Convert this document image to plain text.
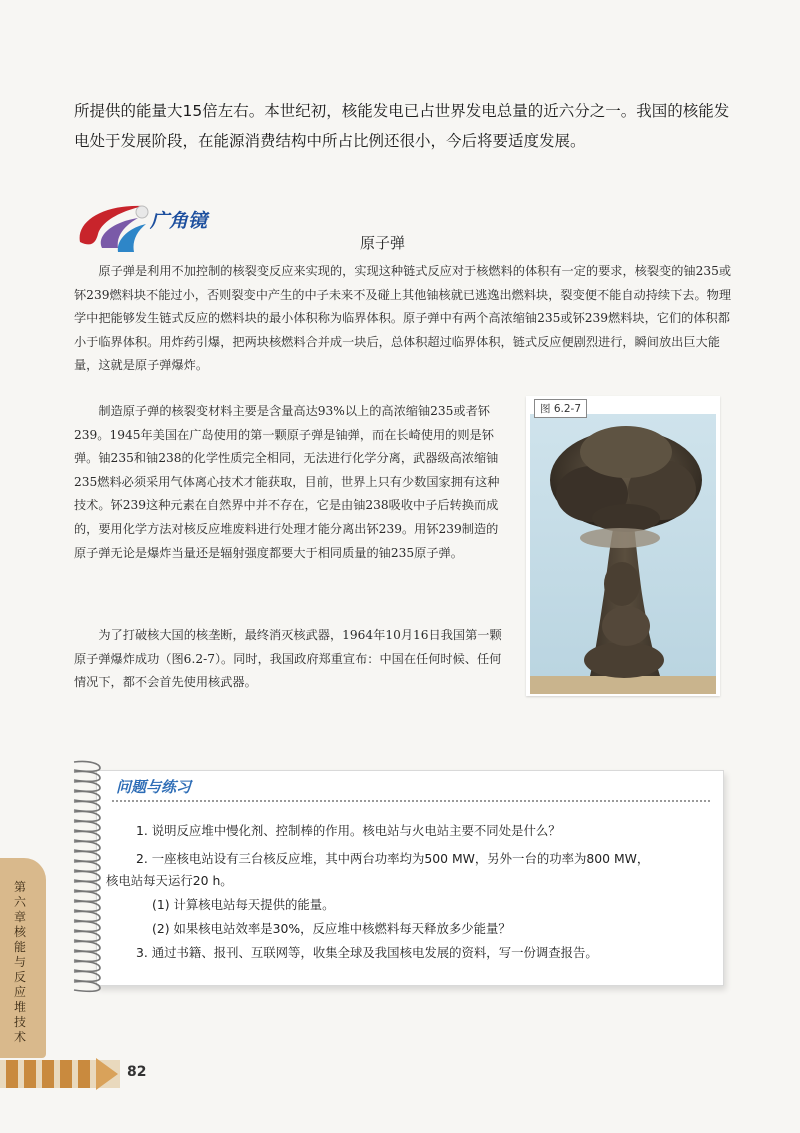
所提供的能量大15倍左右。本世纪初，核能发电已占世界发电总量的近六分之一。我国的核能发电处于发展阶段，在能源消费结构中所占比例还很小，今后将要适度发展。

广角镜
原子弹

原子弹是利用不加控制的核裂变反应来实现的，实现这种链式反应对于核燃料的体积有一定的要求，核裂变的铀235或钚239燃料块不能过小，否则裂变中产生的中子未来不及碰上其他铀核就已逃逸出燃料块，裂变便不能自动持续下去。物理学中把能够发生链式反应的燃料块的最小体积称为临界体积。原子弹中有两个高浓缩铀235或钚239燃料块，它们的体积都小于临界体积。用炸药引爆，把两块核燃料合并成一块后，总体积超过临界体积，链式反应便剧烈进行，瞬间放出巨大能

量，这就是原子弹爆炸。

制造原子弹的核裂变材料主要是含量高达93%以上的高浓缩铀235或者钚239。1945年美国在广岛使用的第一颗原子弹是铀弹，而在长崎使用的则是钚弹。铀235和铀238的化学性质完全相同，无法进行化学分离，武器级高浓缩铀235燃料必须采用气体离心技术才能获取，目前，世界上只有少数国家拥有这种技术。钚239这种元素在自然界中并不存在，它是由铀238吸收中子后转换而成的，要用化学方法对核反应堆废料进行处理才能分离出钚239。用钚239制造的原子弹无论是爆炸当量还是辐射强度都要大于相同质量的铀235原子弹。

为了打破核大国的核垄断，最终消灭核武器，1964年10月16日我国第一颗原子弹爆炸成功（图6.2-7）。同时，我国政府郑重宣布：中国在任何时候、任何情况下，都不会首先使用核武器。

图 6.2-7
问题与练习

1. 说明反应堆中慢化剂、控制棒的作用。核电站与火电站主要不同处是什么？

2. 一座核电站设有三台核反应堆，其中两台功率均为500 MW，另外一台的功率为800 MW，

核电站每天运行20 h。

(1) 计算核电站每天提供的能量。

(2) 如果核电站效率是30%，反应堆中核燃料每天释放多少能量？

3. 通过书籍、报刊、互联网等，收集全球及我国核电发展的资料，写一份调查报告。

第六章
核能与反应堆技术
82
